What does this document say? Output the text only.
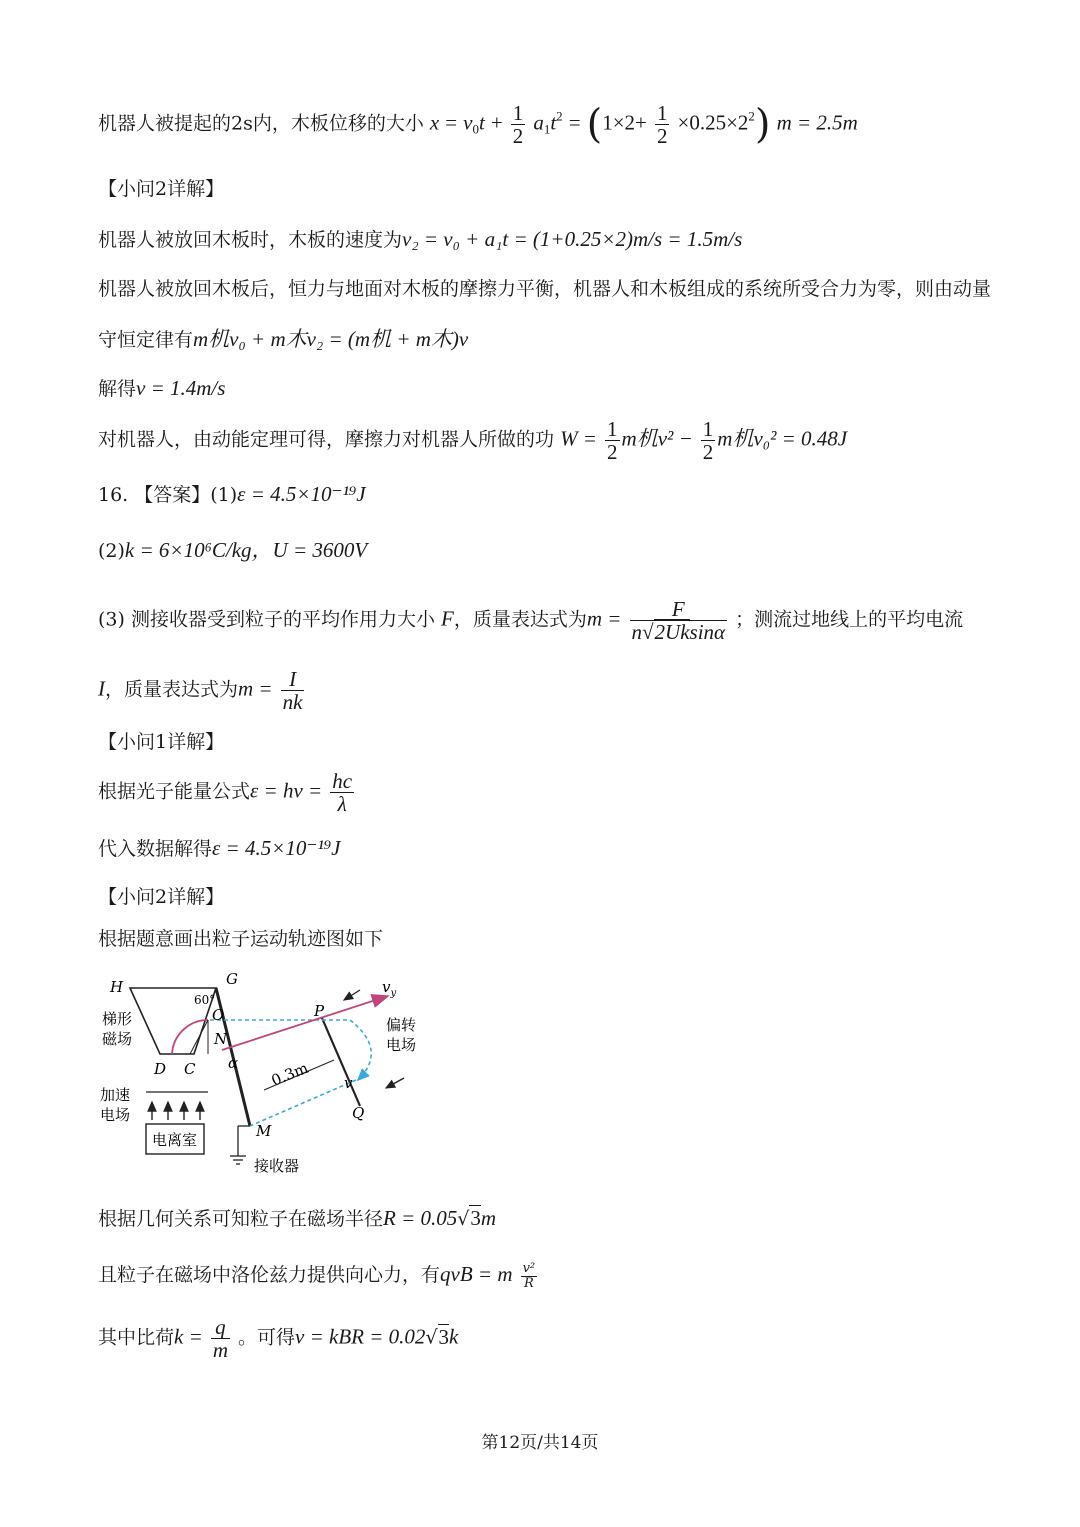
机器人被提起的2s内，木板位移的大小 $x = v_0t + \frac{1}{2} a_1t^2 = (1\times 2+ \frac{1}{2} \times 0.25\times 2^2) m = 2.5m$
【小问2详解】
机器人被放回木板时，木板的速度为v₂ = v₀ + a₁t = (1+0.25×2)m/s = 1.5m/s
机器人被放回木板后，恒力与地面对木板的摩擦力平衡，机器人和木板组成的系统所受合力为零，则由动量
守恒定律有m机v₀ + m木v₂ = (m机 + m木)v
解得v = 1.4m/s
对机器人，由动能定理可得，摩擦力对机器人所做的功 $W = \frac{1}{2}$ m机$v^2 - \frac{1}{2}$ m机v₀² = 0.48J
16. 【答案】(1)ε = 4.5×10⁻¹⁹J
(2)k = 6×10⁶C/kg，U = 3600V
(3) 测接收器受到粒子的平均作用力大小 F，质量表达式为$m = \frac{F}{n√2Uksin\alpha}$ ；测流过地线上的平均电流
I，质量表达式为$m = \frac{I}{nk}$
【小问1详解】
根据光子能量公式$\varepsilon = h\nu = \frac{hc}{\lambda}$
代入数据解得ε = 4.5×10⁻¹⁹J
【小问2详解】
根据题意画出粒子运动轨迹图如下
H	G
60°
O
N
P
D C α 0.3m v
$v_y$
Q
M
梯形
磁场
偏转
电场
加速
电场
电离室
接收器
根据几何关系可知粒子在磁场半径R = 0.05√3m
且粒子在磁场中洛伦兹力提供向心力，有qvB = m $\frac{\text{v²}}{R}$
其中比荷$k = \frac{q}{m}$ 。可得v = kBR = 0.02√3k
第12页/共14页
